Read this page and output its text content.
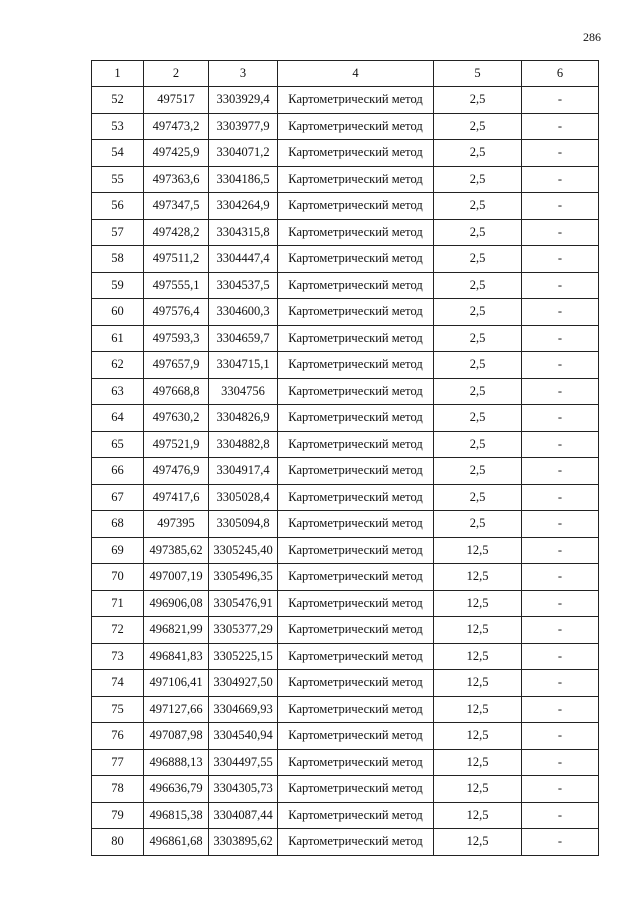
286
1	2	3	4	5	6
52	497517	3303929,4	Картометрический метод	2,5	-
53	497473,2	3303977,9	Картометрический метод	2,5	-
54	497425,9	3304071,2	Картометрический метод	2,5	-
55	497363,6	3304186,5	Картометрический метод	2,5	-
56	497347,5	3304264,9	Картометрический метод	2,5	-
57	497428,2	3304315,8	Картометрический метод	2,5	-
58	497511,2	3304447,4	Картометрический метод	2,5	-
59	497555,1	3304537,5	Картометрический метод	2,5	-
60	497576,4	3304600,3	Картометрический метод	2,5	-
61	497593,3	3304659,7	Картометрический метод	2,5	-
62	497657,9	3304715,1	Картометрический метод	2,5	-
63	497668,8	3304756	Картометрический метод	2,5	-
64	497630,2	3304826,9	Картометрический метод	2,5	-
65	497521,9	3304882,8	Картометрический метод	2,5	-
66	497476,9	3304917,4	Картометрический метод	2,5	-
67	497417,6	3305028,4	Картометрический метод	2,5	-
68	497395	3305094,8	Картометрический метод	2,5	-
69	497385,62	3305245,40	Картометрический метод	12,5	-
70	497007,19	3305496,35	Картометрический метод	12,5	-
71	496906,08	3305476,91	Картометрический метод	12,5	-
72	496821,99	3305377,29	Картометрический метод	12,5	-
73	496841,83	3305225,15	Картометрический метод	12,5	-
74	497106,41	3304927,50	Картометрический метод	12,5	-
75	497127,66	3304669,93	Картометрический метод	12,5	-
76	497087,98	3304540,94	Картометрический метод	12,5	-
77	496888,13	3304497,55	Картометрический метод	12,5	-
78	496636,79	3304305,73	Картометрический метод	12,5	-
79	496815,38	3304087,44	Картометрический метод	12,5	-
80	496861,68	3303895,62	Картометрический метод	12,5	-
